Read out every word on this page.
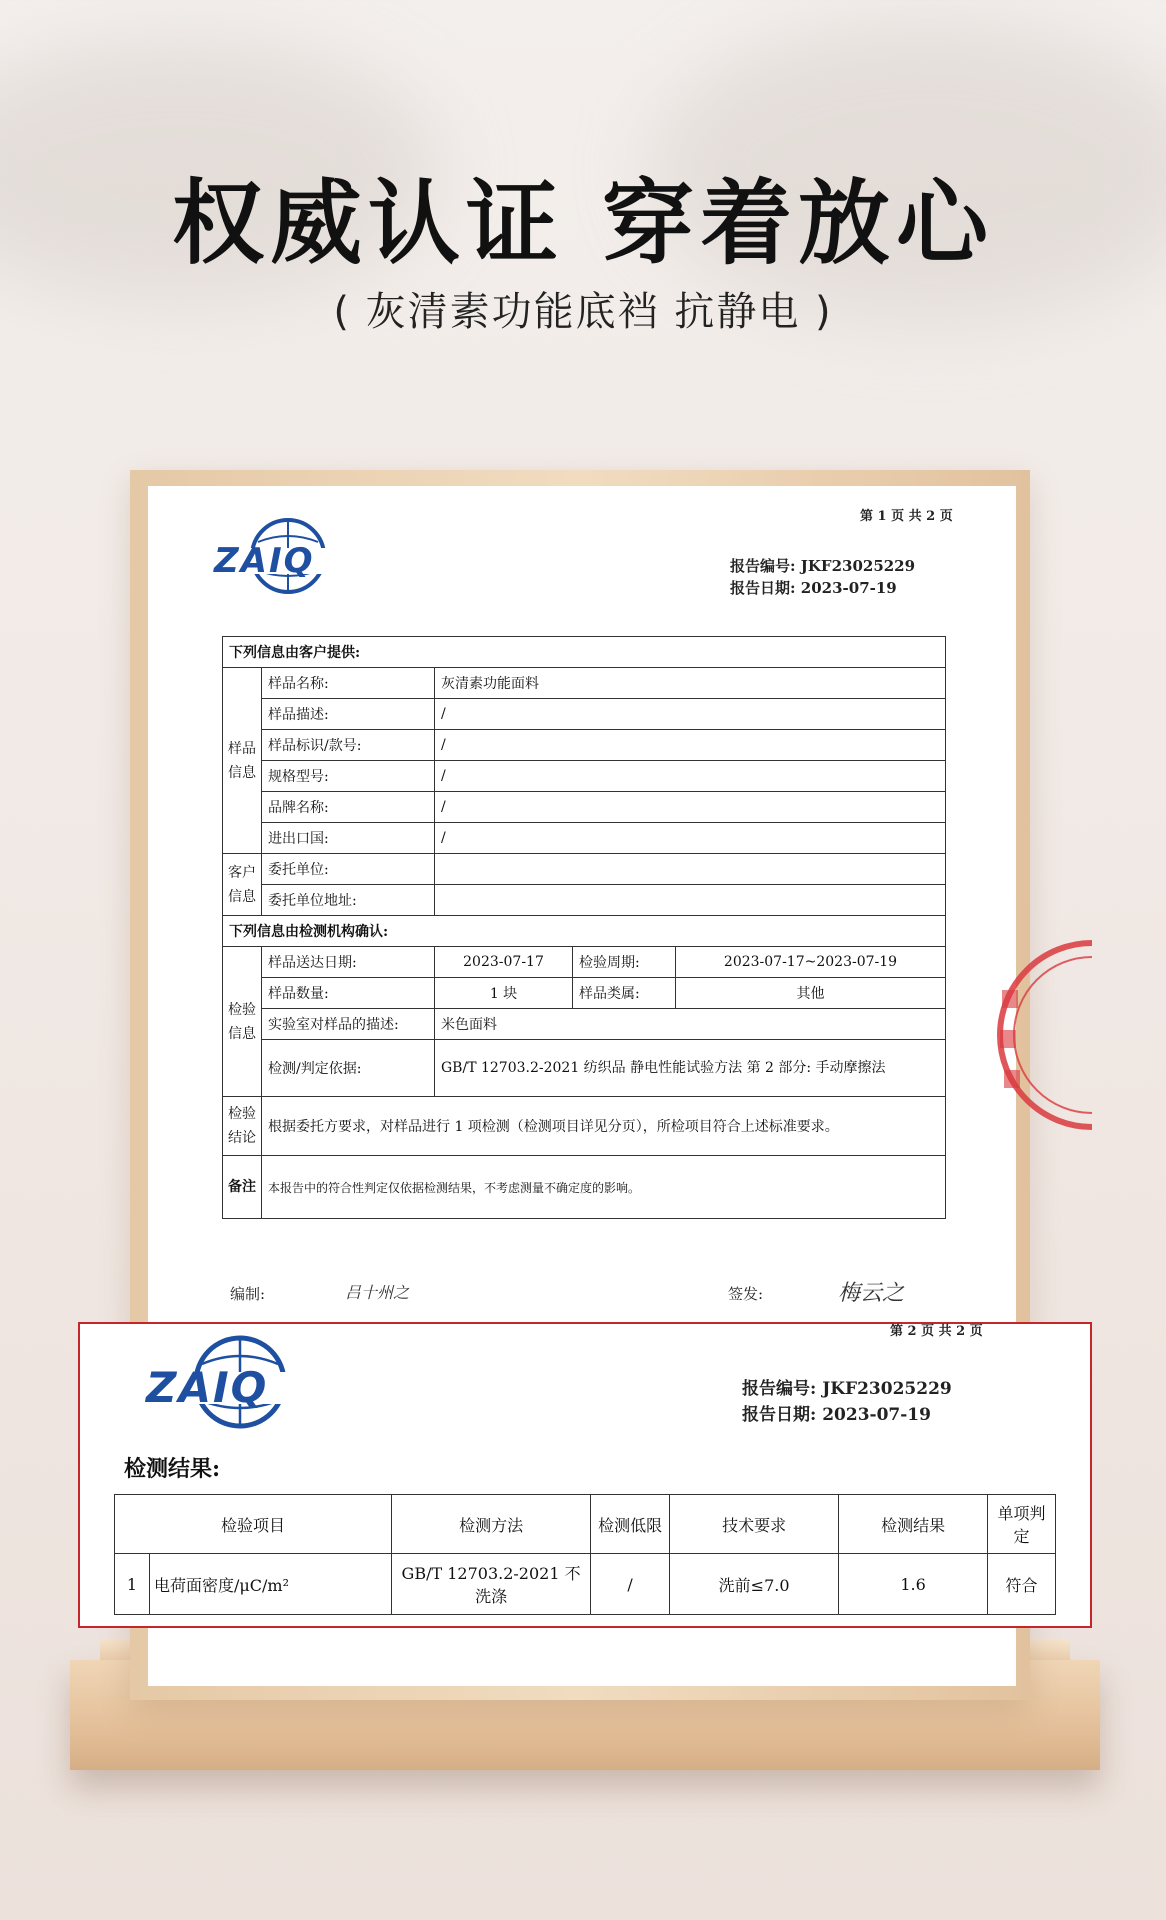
权威认证 穿着放心
( 灰清素功能底裆 抗静电 )
第 1 页 共 2 页
ZAIQ	报告编号: JKF23025229
报告日期: 2023-07-19
下列信息由客户提供:				
样品信息	样品名称:	灰清素功能面料		
	样品描述:	/		
	样品标识/款号:	/		
	规格型号:	/		
	品牌名称:	/		
	进出口国:	/		
客户信息	委托单位:			
	委托单位地址:			
下列信息由检测机构确认:				
检验信息	样品送达日期:	2023-07-17	检验周期:	2023-07-17~2023-07-19
	样品数量:	1 块	样品类属:	其他
	实验室对样品的描述:	米色面料		
	检测/判定依据:	GB/T 12703.2-2021 纺织品 静电性能试验方法 第 2 部分: 手动摩擦法		
检验结论	根据委托方要求，对样品进行 1 项检测（检测项目详见分页），所检项目符合上述标准要求。			
备注	本报告中的符合性判定仅依据检测结果，不考虑测量不确定度的影响。			
编制:	吕十州之	签发:	梅云之
第 2 页 共 2 页
ZAIQ	报告编号: JKF23025229
报告日期: 2023-07-19
检测结果:
检验项目		检测方法	检测低限	技术要求	检测结果	单项判定
1	电荷面密度/μC/m²	GB/T 12703.2-2021 不洗涤	/	洗前≤7.0	1.6	符合
